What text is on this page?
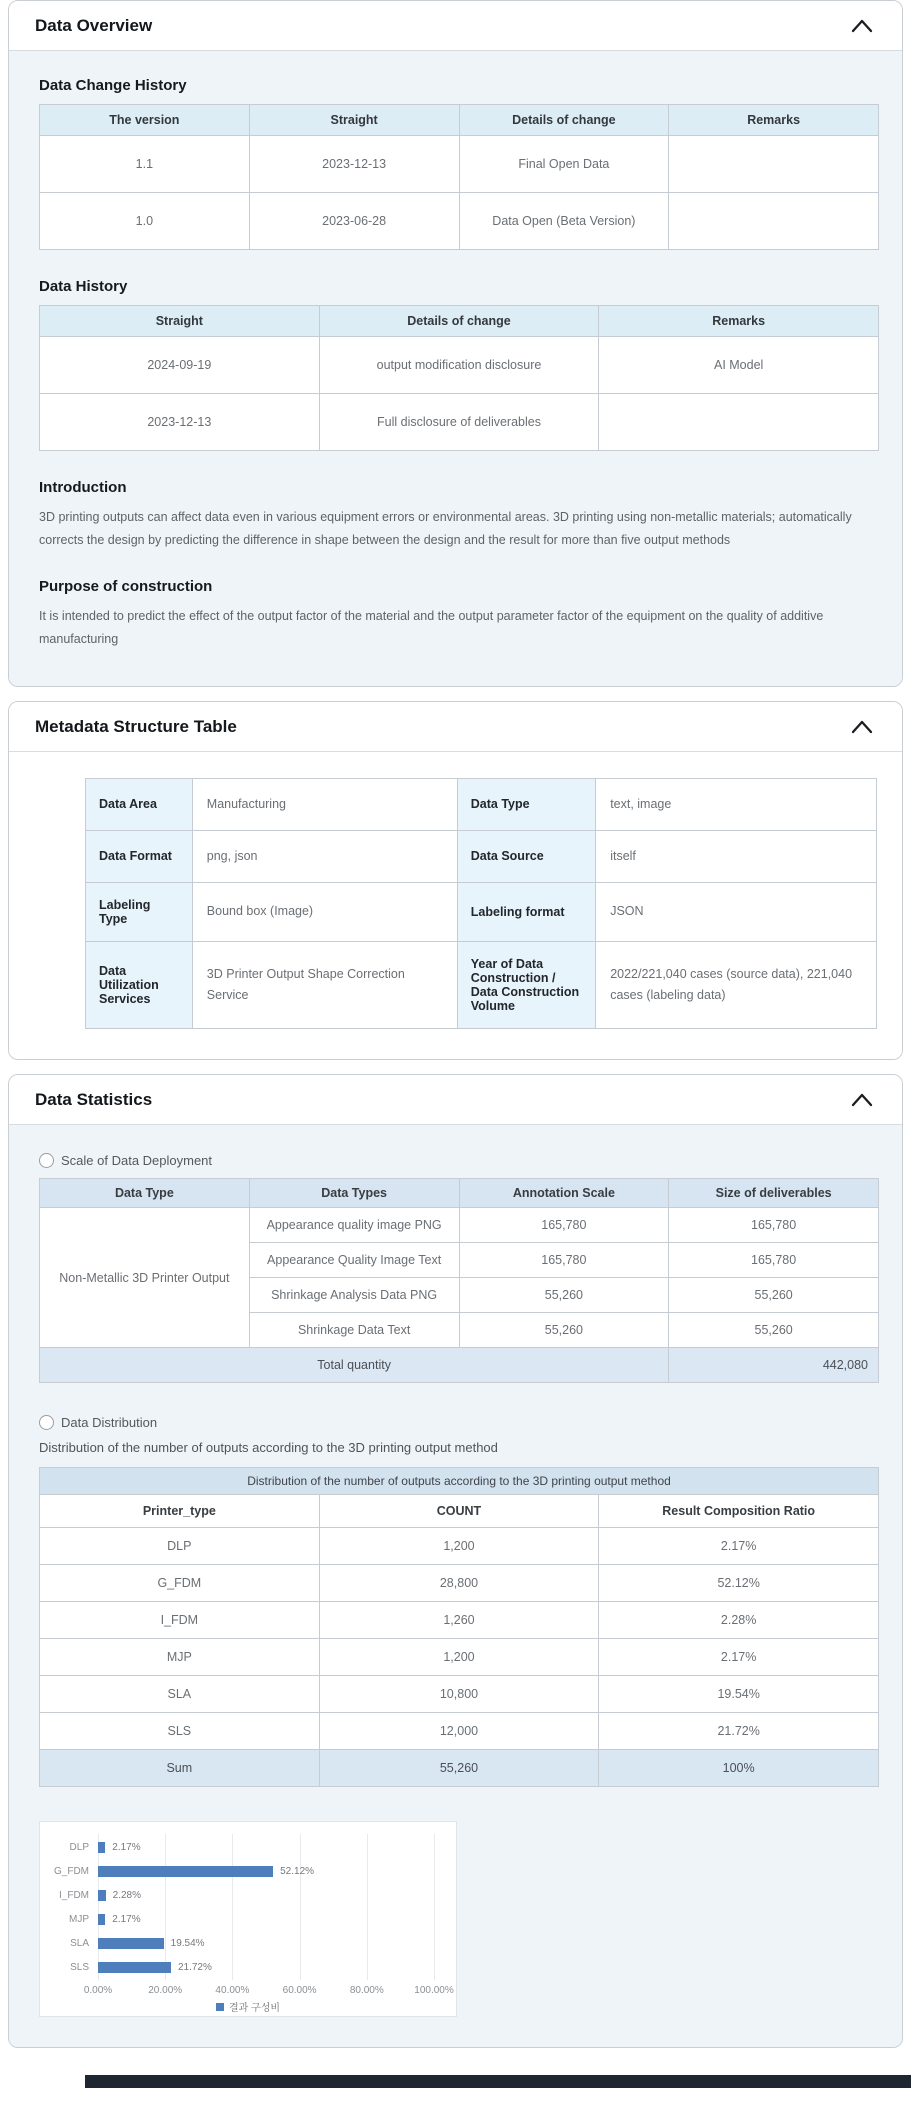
Data Overview
Data Change History
The version	Straight	Details of change	Remarks
1.1	2023-12-13	Final Open Data	
1.0	2023-06-28	Data Open (Beta Version)	
Data History
Straight	Details of change	Remarks
2024-09-19	output modification disclosure	AI Model
2023-12-13	Full disclosure of deliverables	
Introduction

3D printing outputs can affect data even in various equipment errors or environmental areas. 3D printing using non-metallic materials; automatically corrects the design by predicting the difference in shape between the design and the result for more than five output methods

Purpose of construction

It is intended to predict the effect of the output factor of the material and the output parameter factor of the equipment on the quality of additive manufacturing

Metadata Structure Table
Data Area	Manufacturing	Data Type	text, image
Data Format	png, json	Data Source	itself
Labeling Type	Bound box (Image)	Labeling format	JSON
Data Utilization Services	3D Printer Output Shape Correction Service	Year of Data Construction / Data Construction Volume	2022/221,040 cases (source data), 221,040 cases (labeling data)
Data Statistics
Scale of Data Deployment
Data Type	Data Types	Annotation Scale	Size of deliverables
Non-Metallic 3D Printer Output	Appearance quality image PNG	165,780	165,780
	Appearance Quality Image Text	165,780	165,780
	Shrinkage Analysis Data PNG	55,260	55,260
	Shrinkage Data Text	55,260	55,260
Total quantity			442,080
Data Distribution

Distribution of the number of outputs according to the 3D printing output method

Distribution of the number of outputs according to the 3D printing output method		
Printer_type	COUNT	Result Composition Ratio
DLP	1,200	2.17%
G_FDM	28,800	52.12%
I_FDM	1,260	2.28%
MJP	1,200	2.17%
SLA	10,800	19.54%
SLS	12,000	21.72%
Sum	55,260	100%
DLP 2.17%
G_FDM	52.12%
I_FDM 2.28%
MJP 2.17%
SLA	19.54%
SLS	21.72%
0.00%	20.00%	40.00%	60.00%	80.00%	100.00%
결과 구성비
